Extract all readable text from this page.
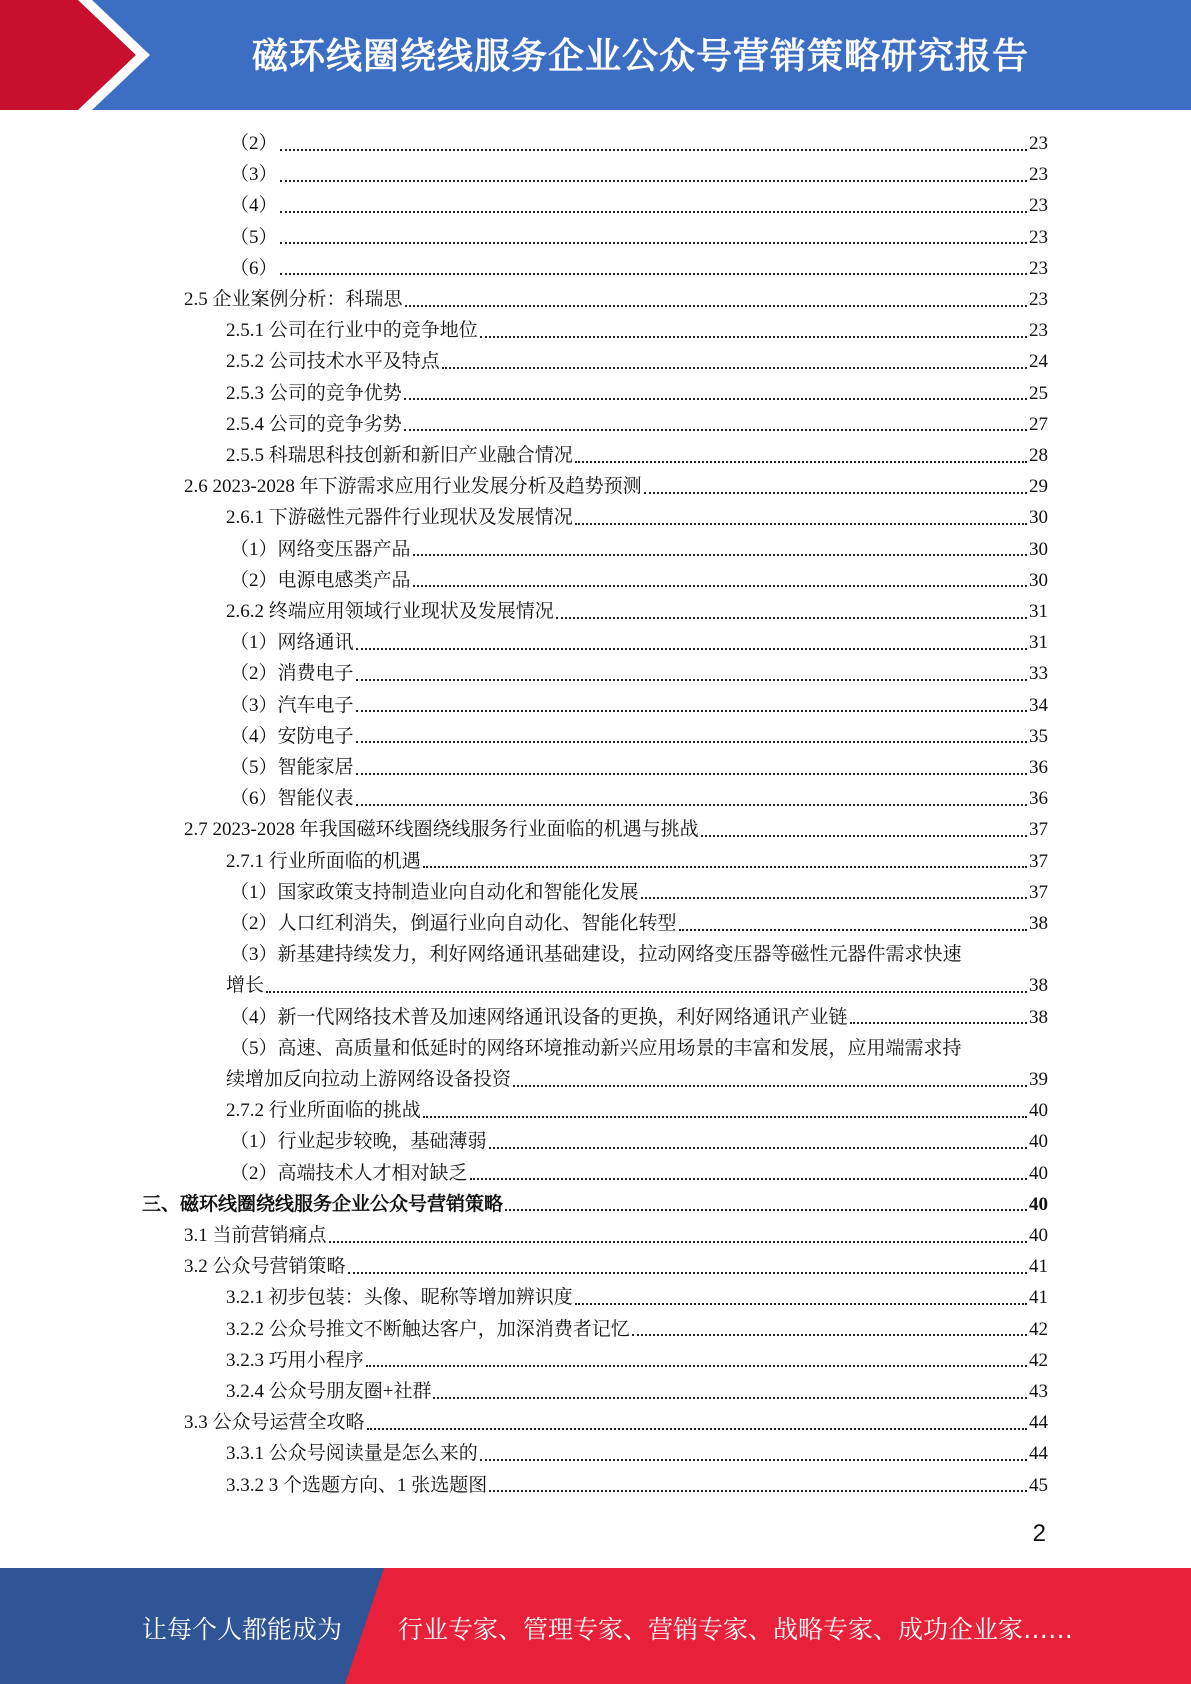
磁环线圈绕线服务企业公众号营销策略研究报告
（2）	23
（3）	23
（4）	23
（5）	23
（6）	23
2.5 企业案例分析：科瑞思	23
2.5.1 公司在行业中的竞争地位	23
2.5.2 公司技术水平及特点	24
2.5.3 公司的竞争优势	25
2.5.4 公司的竞争劣势	27
2.5.5 科瑞思科技创新和新旧产业融合情况	28
2.6 2023-2028 年下游需求应用行业发展分析及趋势预测	29
2.6.1 下游磁性元器件行业现状及发展情况	30
（1）网络变压器产品	30
（2）电源电感类产品	30
2.6.2 终端应用领域行业现状及发展情况	31
（1）网络通讯	31
（2）消费电子	33
（3）汽车电子	34
（4）安防电子	35
（5）智能家居	36
（6）智能仪表	36
2.7 2023-2028 年我国磁环线圈绕线服务行业面临的机遇与挑战	37
2.7.1 行业所面临的机遇	37
（1）国家政策支持制造业向自动化和智能化发展	37
（2）人口红利消失，倒逼行业向自动化、智能化转型	38
（3）新基建持续发力，利好网络通讯基础建设，拉动网络变压器等磁性元器件需求快速
增长	38
（4）新一代网络技术普及加速网络通讯设备的更换，利好网络通讯产业链	38
（5）高速、高质量和低延时的网络环境推动新兴应用场景的丰富和发展，应用端需求持
续增加反向拉动上游网络设备投资	39
2.7.2 行业所面临的挑战	40
（1）行业起步较晚，基础薄弱	40
（2）高端技术人才相对缺乏	40
三、磁环线圈绕线服务企业公众号营销策略	40
3.1 当前营销痛点	40
3.2 公众号营销策略	41
3.2.1 初步包装：头像、昵称等增加辨识度	41
3.2.2 公众号推文不断触达客户，加深消费者记忆	42
3.2.3 巧用小程序	42
3.2.4 公众号朋友圈+社群	43
3.3 公众号运营全攻略	44
3.3.1 公众号阅读量是怎么来的	44
3.3.2 3 个选题方向、1 张选题图	45
2
让每个人都能成为 行业专家、管理专家、营销专家、战略专家、成功企业家……
